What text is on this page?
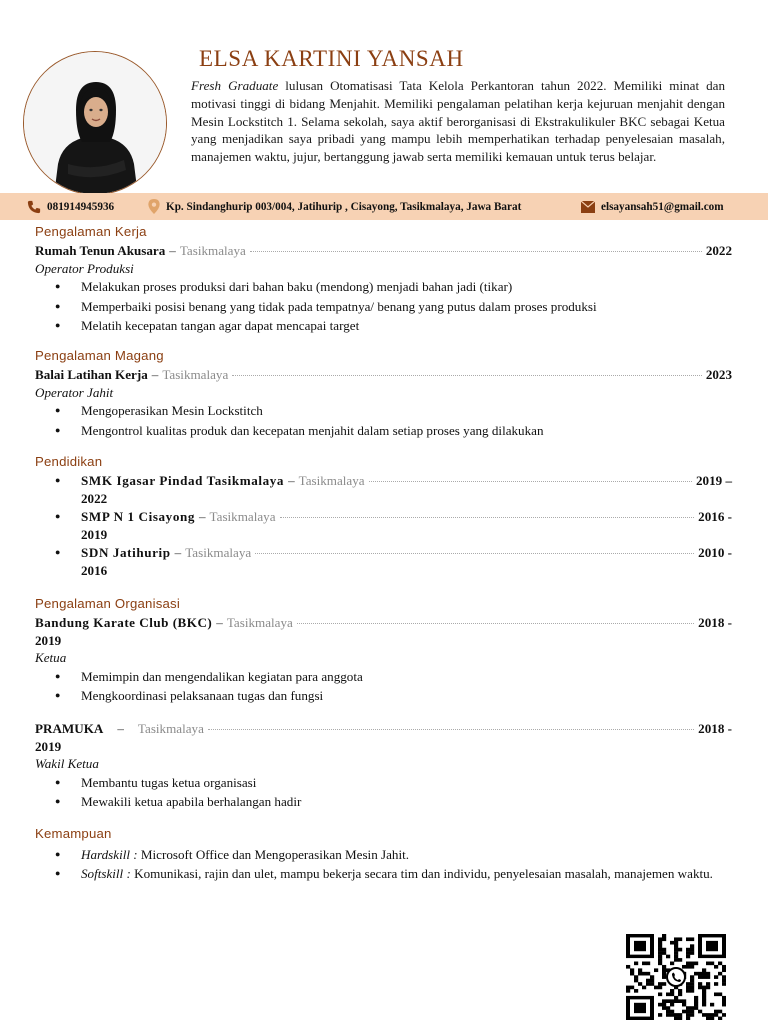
ELSA KARTINI YANSAH
Fresh Graduate lulusan Otomatisasi Tata Kelola Perkantoran tahun 2022. Memiliki minat dan motivasi tinggi di bidang Menjahit. Memiliki pengalaman pelatihan kerja kejuruan menjahit dengan Mesin Lockstitch 1. Selama sekolah, saya aktif berorganisasi di Ekstrakulikuler BKC sebagai Ketua yang menjadikan saya pribadi yang mampu lebih memperhatikan terhadap penyelesaian masalah, manajemen waktu, jujur, bertanggung jawab serta memiliki kemauan untuk terus belajar.
081914945936	Kp. Sindanghurip 003/004, Jatihurip , Cisayong, Tasikmalaya, Jawa Barat	elsayansah51@gmail.com
Pengalaman Kerja
Rumah Tenun Akusara – Tasikmalaya	2022
Operator Produksi
● Melakukan proses produksi dari bahan baku (mendong) menjadi bahan jadi (tikar)
● Memperbaiki posisi benang yang tidak pada tempatnya/ benang yang putus dalam proses produksi
● Melatih kecepatan tangan agar dapat mencapai target
Pengalaman Magang
Balai Latihan Kerja – Tasikmalaya	2023
Operator Jahit
● Mengoperasikan Mesin Lockstitch
● Mengontrol kualitas produk dan kecepatan menjahit dalam setiap proses yang dilakukan
Pendidikan
● SMK Igasar Pindad Tasikmalaya – Tasikmalaya	2019 –
2022
● SMP N 1 Cisayong – Tasikmalaya	2016 -
2019
● SDN Jatihurip – Tasikmalaya	2010 -
2016
Pengalaman Organisasi
Bandung Karate Club (BKC) – Tasikmalaya	2018 -
2019
Ketua
● Memimpin dan mengendalikan kegiatan para anggota
● Mengkoordinasi pelaksanaan tugas dan fungsi
PRAMUKA – Tasikmalaya	2018 -
2019
Wakil Ketua
● Membantu tugas ketua organisasi
● Mewakili ketua apabila berhalangan hadir
Kemampuan
● Hardskill : Microsoft Office dan Mengoperasikan Mesin Jahit.
● Softskill : Komunikasi, rajin dan ulet, mampu bekerja secara tim dan individu, penyelesaian masalah, manajemen waktu.
